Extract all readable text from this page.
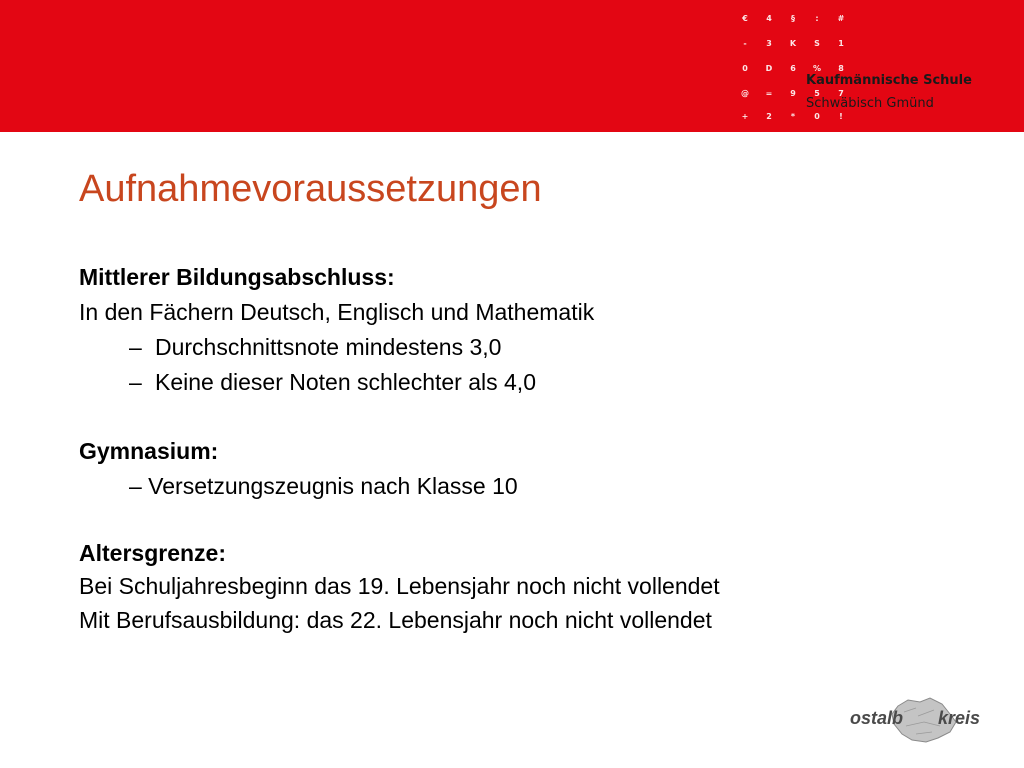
€	4	§	:	#
-	3	K	S	1
0	D	6	%	8
@	=	9	5	7
+	2	*	0	!
Kaufmännische Schule
Schwäbisch Gmünd
Aufnahmevoraussetzungen
Mittlerer Bildungsabschluss:
In den Fächern Deutsch, Englisch und Mathematik
– Durchschnittsnote mindestens 3,0
– Keine dieser Noten schlechter als 4,0
Gymnasium:
– Versetzungszeugnis nach Klasse 10
Altersgrenze:
Bei Schuljahresbeginn das 19. Lebensjahr noch nicht vollendet
Mit Berufsausbildung: das 22. Lebensjahr noch nicht vollendet
ostalb kreis
